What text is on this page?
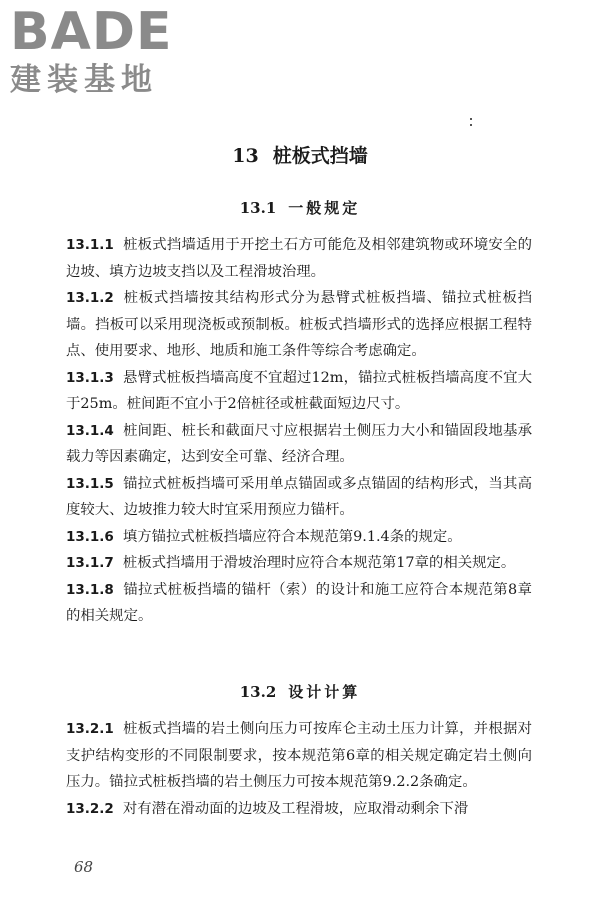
BADE
建装基地
13 桩板式挡墙
13.1 一般规定

13.1.1 桩板式挡墙适用于开挖土石方可能危及相邻建筑物或环境安全的边坡、填方边坡支挡以及工程滑坡治理。

13.1.2 桩板式挡墙按其结构形式分为悬臂式桩板挡墙、锚拉式桩板挡墙。挡板可以采用现浇板或预制板。桩板式挡墙形式的选择应根据工程特点、使用要求、地形、地质和施工条件等综合考虑确定。

13.1.3 悬臂式桩板挡墙高度不宜超过12m，锚拉式桩板挡墙高度不宜大于25m。桩间距不宜小于2倍桩径或桩截面短边尺寸。

13.1.4 桩间距、桩长和截面尺寸应根据岩土侧压力大小和锚固段地基承载力等因素确定，达到安全可靠、经济合理。

13.1.5 锚拉式桩板挡墙可采用单点锚固或多点锚固的结构形式，当其高度较大、边坡推力较大时宜采用预应力锚杆。

13.1.6 填方锚拉式桩板挡墙应符合本规范第9.1.4条的规定。

13.1.7 桩板式挡墙用于滑坡治理时应符合本规范第17章的相关规定。

13.1.8 锚拉式桩板挡墙的锚杆（索）的设计和施工应符合本规范第8章的相关规定。

13.2 设计计算

13.2.1 桩板式挡墙的岩土侧向压力可按库仑主动土压力计算，并根据对支护结构变形的不同限制要求，按本规范第6章的相关规定确定岩土侧向压力。锚拉式桩板挡墙的岩土侧压力可按本规范第9.2.2条确定。

13.2.2 对有潜在滑动面的边坡及工程滑坡，应取滑动剩余下滑

68
